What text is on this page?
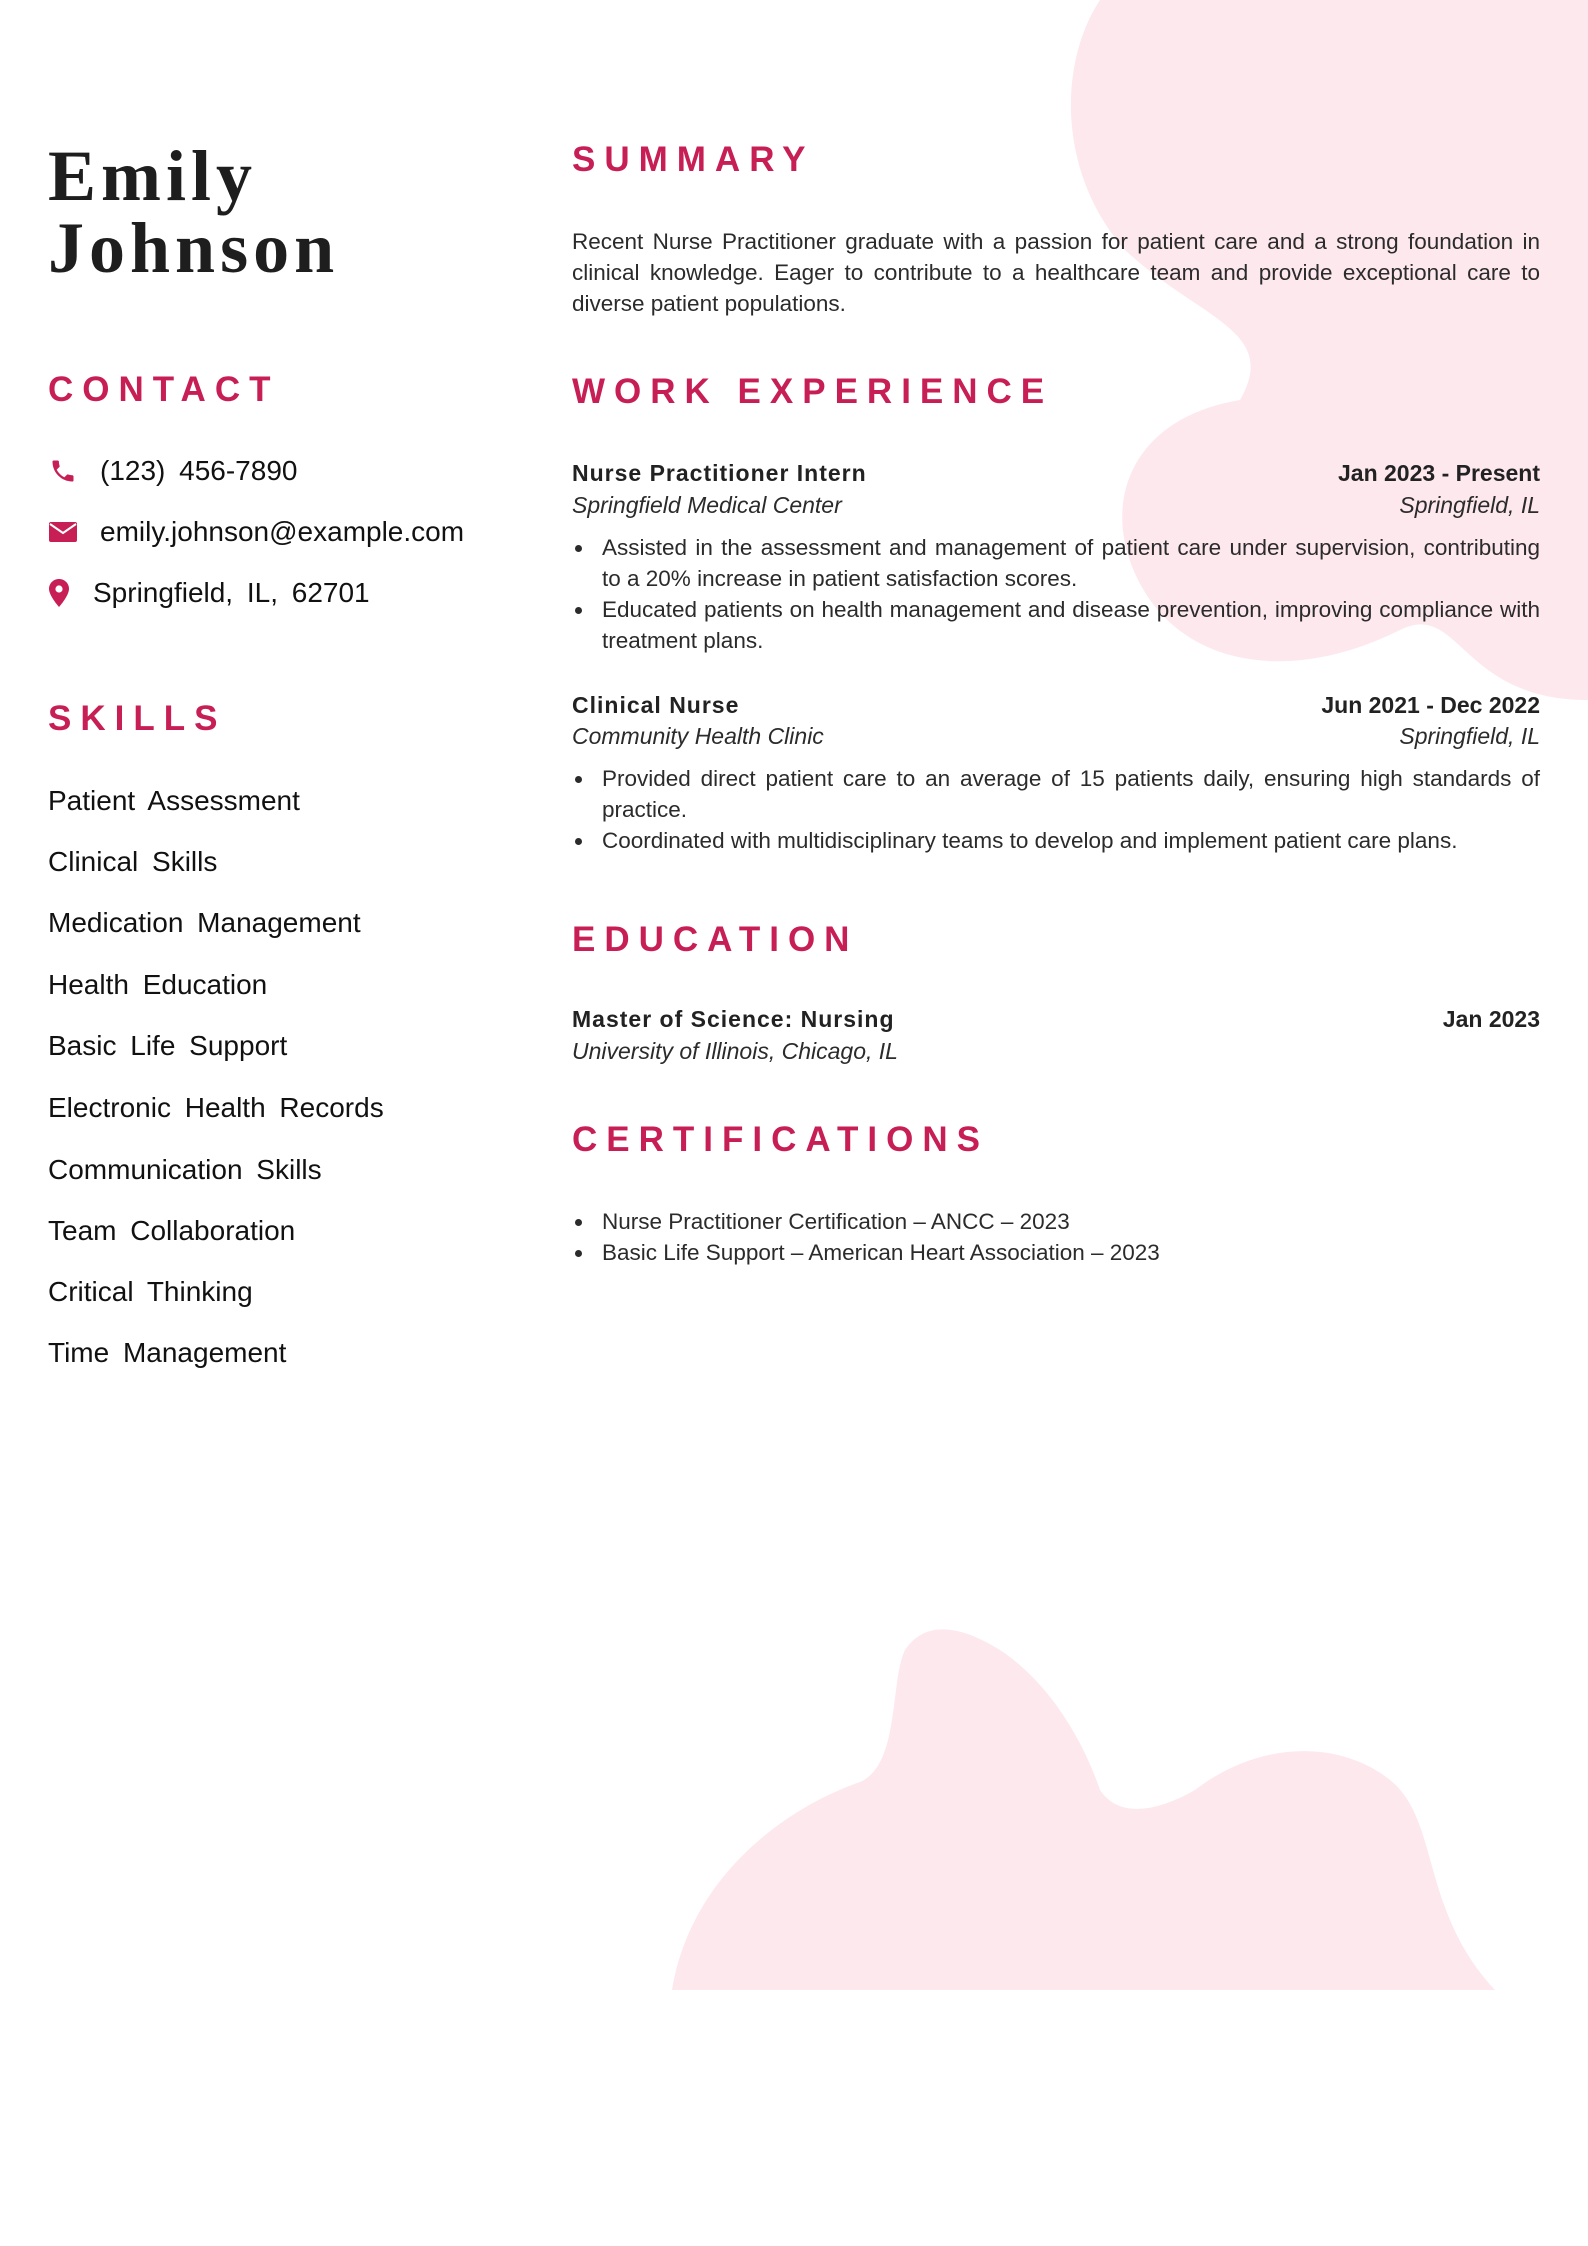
Emily
Johnson
CONTACT
(123) 456-7890
emily.johnson@example.com
Springfield, IL, 62701
SKILLS

Patient Assessment

Clinical Skills

Medication Management

Health Education

Basic Life Support

Electronic Health Records

Communication Skills

Team Collaboration

Critical Thinking

Time Management

SUMMARY

Recent Nurse Practitioner graduate with a passion for patient care and a strong foundation in clinical knowledge. Eager to contribute to a healthcare team and provide exceptional care to diverse patient populations.

WORK EXPERIENCE
Nurse Practitioner Intern	Jan 2023 - Present
Springfield Medical Center	Springfield, IL
Assisted in the assessment and management of patient care under supervision, contributing to a 20% increase in patient satisfaction scores.
Educated patients on health management and disease prevention, improving compliance with treatment plans.
Clinical Nurse	Jun 2021 - Dec 2022
Community Health Clinic	Springfield, IL
Provided direct patient care to an average of 15 patients daily, ensuring high standards of practice.
Coordinated with multidisciplinary teams to develop and implement patient care plans.
EDUCATION
Master of Science: Nursing	Jan 2023
University of Illinois, Chicago, IL
CERTIFICATIONS
Nurse Practitioner Certification – ANCC – 2023
Basic Life Support – American Heart Association – 2023
